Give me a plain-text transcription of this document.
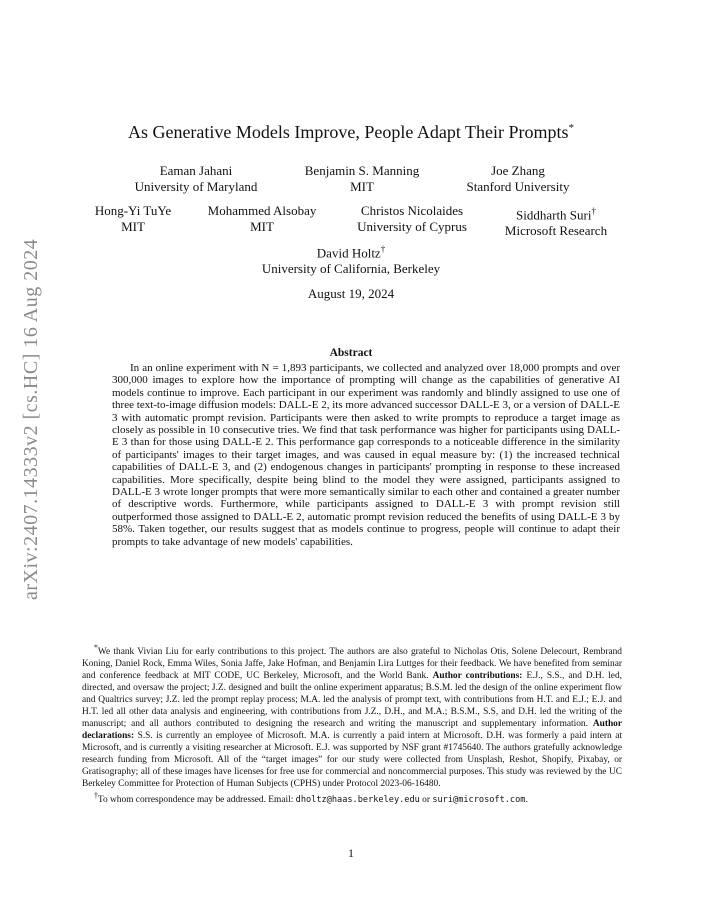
arXiv:2407.14333v2 [cs.HC] 16 Aug 2024
As Generative Models Improve, People Adapt Their Prompts*
Eaman Jahani
University of Maryland
Benjamin S. Manning
MIT
Joe Zhang
Stanford University
Hong-Yi TuYe
MIT
Mohammed Alsobay
MIT
Christos Nicolaides
University of Cyprus
Siddharth Suri†
Microsoft Research
David Holtz†
University of California, Berkeley
August 19, 2024
Abstract
In an online experiment with N = 1,893 participants, we collected and analyzed over 18,000 prompts and over 300,000 images to explore how the importance of prompting will change as the capabilities of generative AI models continue to improve. Each participant in our experiment was randomly and blindly assigned to use one of three text-to-image diffusion models: DALL-E 2, its more advanced successor DALL-E 3, or a version of DALL-E 3 with automatic prompt revision. Participants were then asked to write prompts to reproduce a target image as closely as possible in 10 consecutive tries. We find that task performance was higher for participants using DALL-E 3 than for those using DALL-E 2. This performance gap corresponds to a noticeable difference in the similarity of participants' images to their target images, and was caused in equal measure by: (1) the increased technical capabilities of DALL-E 3, and (2) endogenous changes in participants' prompting in response to these increased capabilities. More specifically, despite being blind to the model they were assigned, participants assigned to DALL-E 3 wrote longer prompts that were more semantically similar to each other and contained a greater number of descriptive words. Furthermore, while participants assigned to DALL-E 3 with prompt revision still outperformed those assigned to DALL-E 2, automatic prompt revision reduced the benefits of using DALL-E 3 by 58%. Taken together, our results suggest that as models continue to progress, people will continue to adapt their prompts to take advantage of new models' capabilities.

*We thank Vivian Liu for early contributions to this project. The authors are also grateful to Nicholas Otis, Solene Delecourt, Rembrand Koning, Daniel Rock, Emma Wiles, Sonia Jaffe, Jake Hofman, and Benjamin Lira Luttges for their feedback. We have benefited from seminar and conference feedback at MIT CODE, UC Berkeley, Microsoft, and the World Bank. Author contributions: E.J., S.S., and D.H. led, directed, and oversaw the project; J.Z. designed and built the online experiment apparatus; B.S.M. led the design of the online experiment flow and Qualtrics survey; J.Z. led the prompt replay process; M.A. led the analysis of prompt text, with contributions from H.T. and E.J.; E.J. and H.T. led all other data analysis and engineering, with contributions from J.Z., D.H., and M.A.; B.S.M., S.S, and D.H. led the writing of the manuscript; and all authors contributed to designing the research and writing the manuscript and supplementary information. Author declarations: S.S. is currently an employee of Microsoft. M.A. is currently a paid intern at Microsoft. D.H. was formerly a paid intern at Microsoft, and is currently a visiting researcher at Microsoft. E.J. was supported by NSF grant #1745640. The authors gratefully acknowledge research funding from Microsoft. All of the “target images” for our study were collected from Unsplash, Reshot, Shopify, Pixabay, or Gratisography; all of these images have licenses for free use for commercial and noncommercial purposes. This study was reviewed by the UC Berkeley Committee for Protection of Human Subjects (CPHS) under Protocol 2023-06-16480.

†To whom correspondence may be addressed. Email: dholtz@haas.berkeley.edu or suri@microsoft.com.

1
